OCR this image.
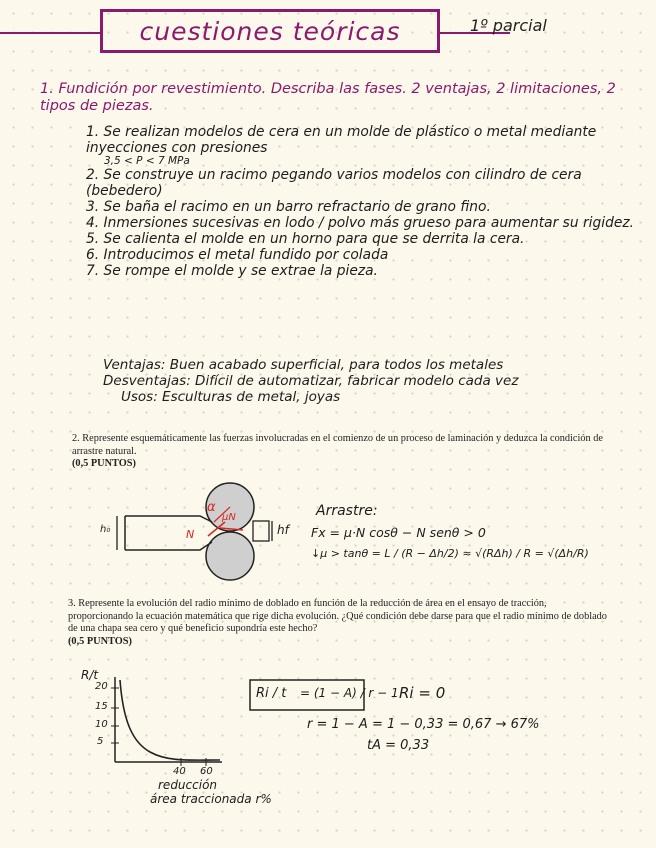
cuestiones teóricas	1º parcial
1. Fundición por revestimiento. Describa las fases. 2 ventajas, 2 limitaciones, 2 tipos de piezas.
1. Se realizan modelos de cera en un molde de plástico o metal mediante inyecciones con presiones
3,5 < P < 7 MPa
2. Se construye un racimo pegando varios modelos con cilindro de cera (bebedero)
3. Se baña el racimo en un barro refractario de grano fino.
4. Inmersiones sucesivas en lodo / polvo más grueso para aumentar su rigidez.
5. Se calienta el molde en un horno para que se derrita la cera.
6. Introducimos el metal fundido por colada
7. Se rompe el molde y se extrae la pieza.
Ventajas: Buen acabado superficial, para todos los metales
Desventajas: Difícil de automatizar, fabricar modelo cada vez
Usos: Esculturas de metal, joyas
2. Represente esquemáticamente las fuerzas involucradas en el comienzo de un proceso de laminación y deduzca la condición de arrastre natural.
(0,5 PUNTOS)
h₀	hf
α
N
μN	Arrastre:
Fx = μ·N cosθ − N senθ > 0
↓μ > tanθ = L / (R − Δh/2) ≈ √(RΔh) / R = √(Δh/R)
3. Represente la evolución del radio mínimo de doblado en función de la reducción de área en el ensayo de tracción, proporcionando la ecuación matemática que rige dicha evolución. ¿Qué condición debe darse para que el radio mínimo de doblado de una chapa sea cero y qué beneficio supondría este hecho?
(0,5 PUNTOS)
R/t
20
15
10
5
40 60
reducción
área traccionada r%
Ri / t = (1 − A) / r − 1 Ri = 0
r = 1 − A = 1 − 0,33 = 0,67 → 67%
tA = 0,33
